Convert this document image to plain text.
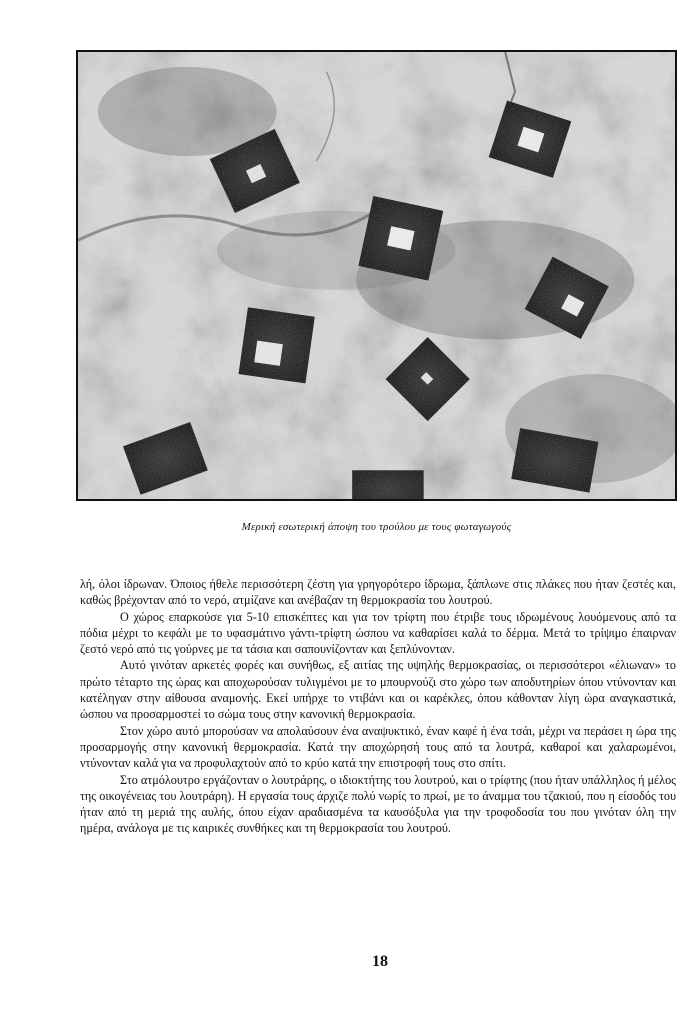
Μερική εσωτερική άποψη του τρούλου με τους φωταγωγούς

λή, όλοι ίδρωναν. Όποιος ήθελε περισσότερη ζέστη για γρηγορότερο ίδρωμα, ξάπλωνε στις πλάκες που ήταν ζεστές και, καθώς βρέχονταν από το νερό, ατμίζανε και ανέβαζαν τη θερμοκρασία του λουτρού.

Ο χώρος επαρκούσε για 5-10 επισκέπτες και για τον τρίφτη που έτριβε τους ιδρωμένους λουόμενους από τα πόδια μέχρι το κεφάλι με το υφασμάτινο γάντι-τρίφτη ώσπου να καθαρίσει καλά το δέρμα. Μετά το τρίψιμο έπαιρναν ζεστό νερό από τις γούρνες με τα τάσια και σαπουνίζονταν και ξεπλύνονταν.

Αυτό γινόταν αρκετές φορές και συνήθως, εξ αιτίας της υψηλής θερμοκρασίας, οι περισσότεροι «έλιωναν» το πρώτο τέταρτο της ώρας και αποχωρούσαν τυλιγμένοι με το μπουρνούζι στο χώρο των αποδυτηρίων όπου ντύνονταν και κατέληγαν στην αίθουσα αναμονής. Εκεί υπήρχε το ντιβάνι και οι καρέκλες, όπου κάθονταν λίγη ώρα αναγκαστικά, ώσπου να προσαρμοστεί το σώμα τους στην κανονική θερμοκρασία.

Στον χώρο αυτό μπορούσαν να απολαύσουν ένα αναψυκτικό, έναν καφέ ή ένα τσάι, μέχρι να περάσει η ώρα της προσαρμογής στην κανονική θερμοκρασία. Κατά την αποχώρησή τους από τα λουτρά, καθαροί και χαλαρωμένοι, ντύνονταν καλά για να προφυλαχτούν από το κρύο κατά την επιστροφή τους στο σπίτι.

Στο ατμόλουτρο εργάζονταν ο λουτράρης, ο ιδιοκτήτης του λουτρού, και ο τρίφτης (που ήταν υπάλληλος ή μέλος της οικογένειας του λουτράρη). Η εργασία τους άρχιζε πολύ νωρίς το πρωί, με το άναμμα του τζακιού, που η είσοδός του ήταν από τη μεριά της αυλής, όπου είχαν αραδιασμένα τα καυσόξυλα για την τροφοδοσία του που γινόταν όλη την ημέρα, ανάλογα με τις καιρικές συνθήκες και τη θερμοκρασία του λουτρού.

18
